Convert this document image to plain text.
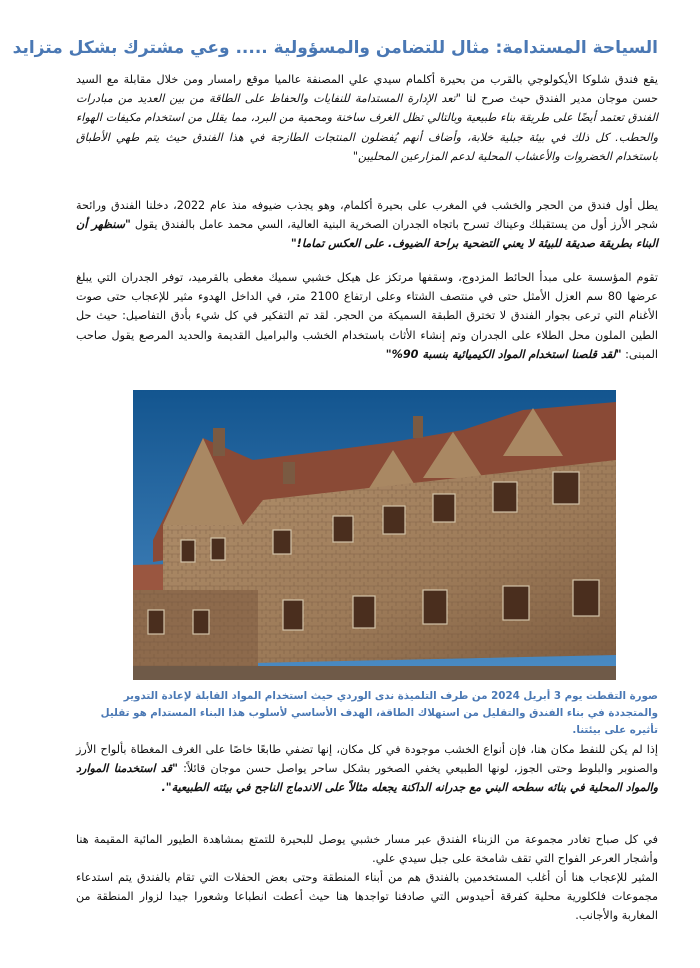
السياحة المستدامة: مثال للتضامن والمسؤولية ..... وعي مشترك بشكل متزايد

يقع فندق شلوكا الأيكولوجي بالقرب من بحيرة أكلمام سيدي علي المصنفة عالميا موقع رامسار ومن خلال مقابلة مع السيد حسن موجان مدير الفندق حيث صرح لنا "تعد الإدارة المستدامة للنفايات والحفاظ على الطاقة من بين العديد من مبادرات الفندق تعتمد أيضًا على طريقة بناء طبيعية وبالتالي تظل الغرف ساخنة ومحمية من البرد، مما يقلل من استخدام مكيفات الهواء والحطب. كل ذلك في بيئة جبلية خلابة، وأضاف أنهم يُفضلون المنتجات الطازجة في هذا الفندق حيث يتم طهي الأطباق باستخدام الخضروات والأعشاب المحلية لدعم المزارعين المحليين"

يطل أول فندق من الحجر والخشب في المغرب على بحيرة أكلمام، وهو يجذب ضيوفه منذ عام 2022، دخلنا الفندق ورائحة شجر الأرز أول من يستقبلك وعيناك تسرح باتجاه الجدران الصخرية البنية العالية، السي محمد عامل بالفندق يقول "سنظهر أن البناء بطريقة صديقة للبيئة لا يعني التضحية براحة الضيوف. على العكس تماما!"

تقوم المؤسسة على مبدأ الحائط المزدوج، وسقفها مرتكز عل هيكل خشبي سميك مغطى بالقرميد، توفر الجدران التي يبلغ عرضها 80 سم العزل الأمثل حتى في منتصف الشتاء وعلى ارتفاع 2100 متر، في الداخل الهدوء مثير للإعجاب حتى صوت الأغنام التي ترعى بجوار الفندق لا تخترق الطبقة السميكة من الحجر. لقد تم التفكير في كل شيء بأدق التفاصيل: حيث حل الطين الملون محل الطلاء على الجدران وتم إنشاء الأثاث باستخدام الخشب والبراميل القديمة والحديد المرصع يقول صاحب المبنى: "لقد قلصنا استخدام المواد الكيميائية بنسبة 90%"

صورة التقطت يوم 3 أبريل 2024 من طرف التلميذة ندى الوردي حيث استخدام المواد القابلة لإعادة التدوير والمتجددة في بناء الفندق والتقليل من استهلاك الطاقة، الهدف الأساسي لأسلوب هذا البناء المستدام هو تقليل تأثيره على بيئتنا.

إذا لم يكن للنفط مكان هنا، فإن أنواع الخشب موجودة في كل مكان، إنها تضفي طابعًا خاصًا على الغرف المغطاة بألواح الأرز والصنوبر والبلوط وحتى الجوز، لونها الطبيعي يخفي الصخور بشكل ساحر يواصل حسن موجان قائلاً: "قد استخدمنا الموارد والمواد المحلية في بنائه سطحه البني مع جدرانه الداكنة يجعله مثالاً على الاندماج الناجح في بيئته الطبيعية".

في كل صباح تغادر مجموعة من الزبناء الفندق عبر مسار خشبي يوصل للبحيرة للتمتع بمشاهدة الطيور المائية المقيمة هنا وأشجار العرعر الفواح التي تقف شامخة على جبل سيدي علي.

المثير للإعجاب هنا أن أغلب المستخدمين بالفندق هم من أبناء المنطقة وحتى بعض الحفلات التي تقام بالفندق يتم استدعاء مجموعات فلكلورية محلية كفرقة أحيدوس التي صادفنا تواجدها هنا حيث أعطت انطباعا وشعورا جيدا لزوار المنطقة من المغاربة والأجانب.
